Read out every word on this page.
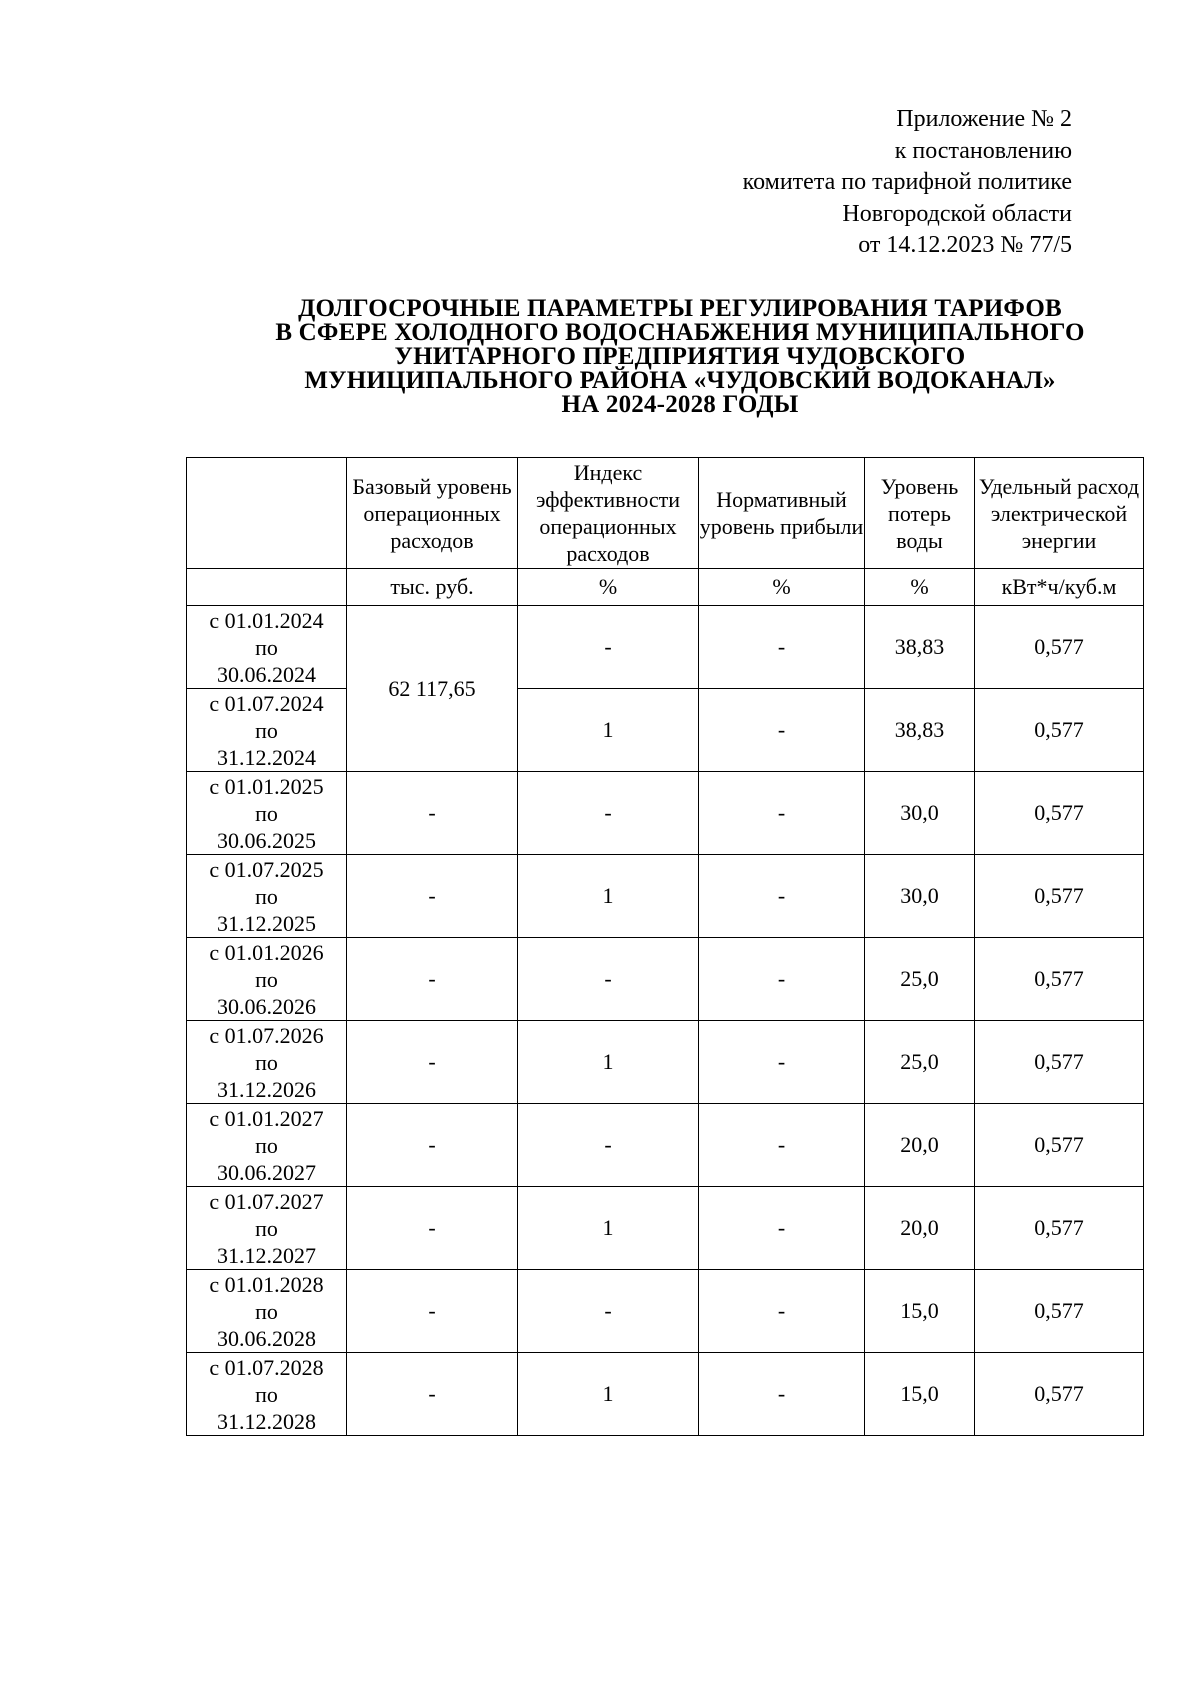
Приложение № 2
к постановлению
комитета по тарифной политике
Новгородской области
от 14.12.2023 № 77/5
ДОЛГОСРОЧНЫЕ ПАРАМЕТРЫ РЕГУЛИРОВАНИЯ ТАРИФОВ
В СФЕРЕ ХОЛОДНОГО ВОДОСНАБЖЕНИЯ МУНИЦИПАЛЬНОГО
УНИТАРНОГО ПРЕДПРИЯТИЯ ЧУДОВСКОГО
МУНИЦИПАЛЬНОГО РАЙОНА «ЧУДОВСКИЙ ВОДОКАНАЛ»
НА 2024-2028 ГОДЫ
	Базовый уровень операционных расходов	Индекс эффективности операционных расходов	Нормативный уровень прибыли	Уровень потерь воды	Удельный расход электрической энергии
	тыс. руб.	%	%	%	кВт*ч/куб.м

с 01.01.2024
по
30.06.2024	62 117,65	-	-	38,83	0,577

с 01.07.2024
по
31.12.2024		1	-	38,83	0,577

с 01.01.2025
по
30.06.2025	-	-	-	30,0	0,577

с 01.07.2025
по
31.12.2025	-	1	-	30,0	0,577

с 01.01.2026
по
30.06.2026	-	-	-	25,0	0,577

с 01.07.2026
по
31.12.2026	-	1	-	25,0	0,577

с 01.01.2027
по
30.06.2027	-	-	-	20,0	0,577

с 01.07.2027
по
31.12.2027	-	1	-	20,0	0,577

с 01.01.2028
по
30.06.2028	-	-	-	15,0	0,577

с 01.07.2028
по
31.12.2028	-	1	-	15,0	0,577
